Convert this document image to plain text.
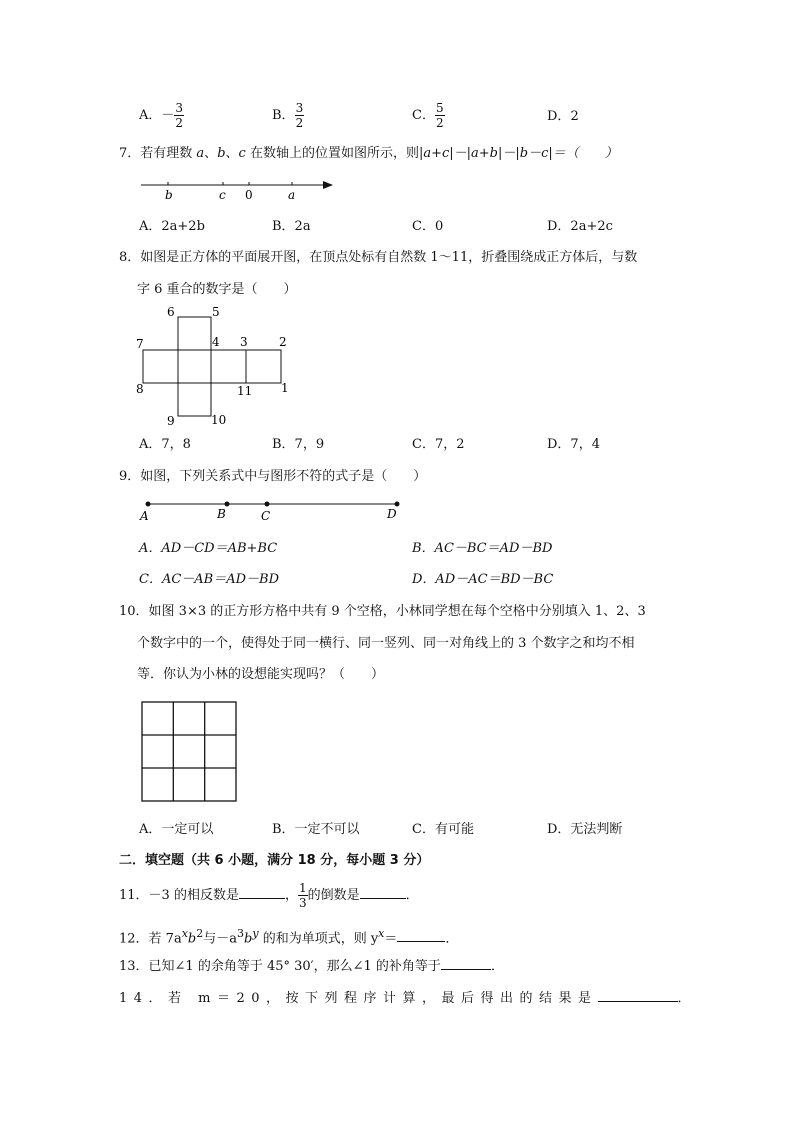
A．－ $\frac{3}{2}$	B． $\frac{3}{2}$	C． $\frac{5}{2}$	D．2
7．若有理数 a、b、c 在数轴上的位置如图所示，则|a+c|－|a+b|－|b－c|＝（　　）
b	c 0	a
A．2a+2b	B．2a	C．0	D．2a+2c
8．如图是正方体的平面展开图，在顶点处标有自然数 1～11，折叠围绕成正方体后，与数
字 6 重合的数字是（　　）
6	5
7	4 3	2
8	11 1
9	10
A．7，8	B．7，9	C．7，2	D．7，4
9．如图，下列关系式中与图形不符的式子是（　　）
A	B	C	D
A．AD－CD＝AB+BC	B．AC－BC＝AD－BD
C．AC－AB＝AD－BD	D．AD－AC＝BD－BC
10．如图 3×3 的正方形方格中共有 9 个空格，小林同学想在每个空格中分别填入 1、2、3
个数字中的一个，使得处于同一横行、同一竖列、同一对角线上的 3 个数字之和均不相
等．你认为小林的设想能实现吗？（　　）
A．一定可以	B．一定不可以	C．有可能	D．无法判断
二．填空题（共 6 小题，满分 18 分，每小题 3 分）
11．－3 的相反数是	， $\frac{1}{3}$ 的倒数是	．
12．若 $7a^xb^2$与$-a^3b^y$ 的和为单项式，则 $y^x=$	．
13．已知∠1 的余角等于 45° 30′，那么∠1 的补角等于	．
14．若 m＝20，按下列程序计算，最后得出的结果是	．
